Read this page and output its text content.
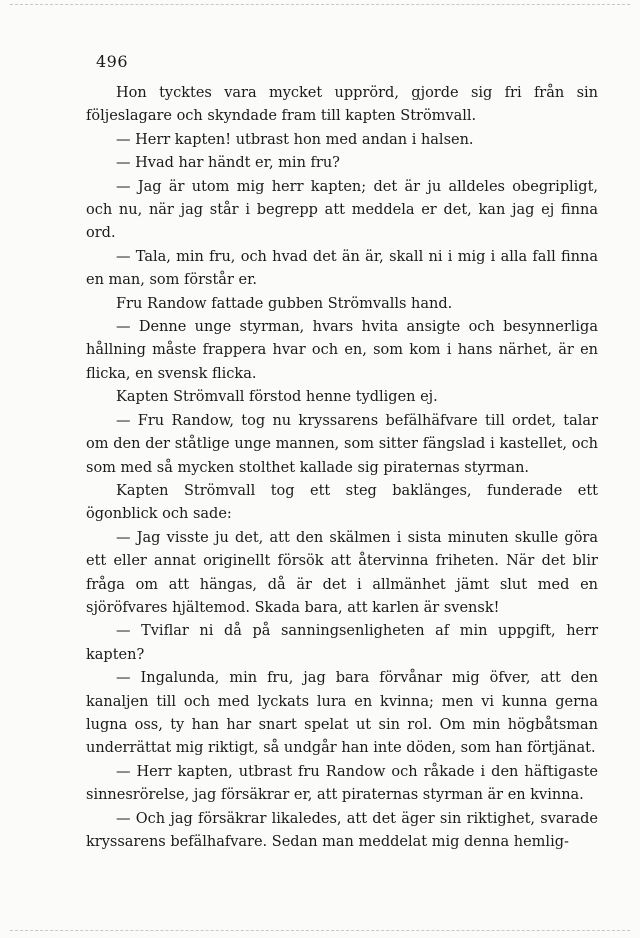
496

Hon tycktes vara mycket upprörd, gjorde sig fri från sin följeslagare och skyndade fram till kapten Strömvall.

— Herr kapten! utbrast hon med andan i halsen.

— Hvad har händt er, min fru?

— Jag är utom mig herr kapten; det är ju alldeles obegripligt, och nu, när jag står i begrepp att meddela er det, kan jag ej finna ord.

— Tala, min fru, och hvad det än är, skall ni i mig i alla fall finna en man, som förstår er.

Fru Randow fattade gubben Strömvalls hand.

— Denne unge styrman, hvars hvita ansigte och besynnerliga hållning måste frappera hvar och en, som kom i hans närhet, är en flicka, en svensk flicka.

Kapten Strömvall förstod henne tydligen ej.

— Fru Randow, tog nu kryssarens befälhäfvare till ordet, talar om den der ståtlige unge mannen, som sitter fängslad i kastellet, och som med så mycken stolthet kallade sig piraternas styrman.

Kapten Strömvall tog ett steg baklänges, funderade ett ögonblick och sade:

— Jag visste ju det, att den skälmen i sista minuten skulle göra ett eller annat originellt försök att återvinna friheten. När det blir fråga om att hängas, då är det i allmänhet jämt slut med en sjöröfvares hjältemod. Skada bara, att karlen är svensk!

— Tviflar ni då på sanningsenligheten af min uppgift, herr kapten?

— Ingalunda, min fru, jag bara förvånar mig öfver, att den kanaljen till och med lyckats lura en kvinna; men vi kunna gerna lugna oss, ty han har snart spelat ut sin rol. Om min högbåtsman underrättat mig riktigt, så undgår han inte döden, som han förtjänat.

— Herr kapten, utbrast fru Randow och råkade i den häftigaste sinnesrörelse, jag försäkrar er, att piraternas styrman är en kvinna.

— Och jag försäkrar likaledes, att det äger sin riktighet, svarade kryssarens befälhafvare. Sedan man meddelat mig denna hemlig-
